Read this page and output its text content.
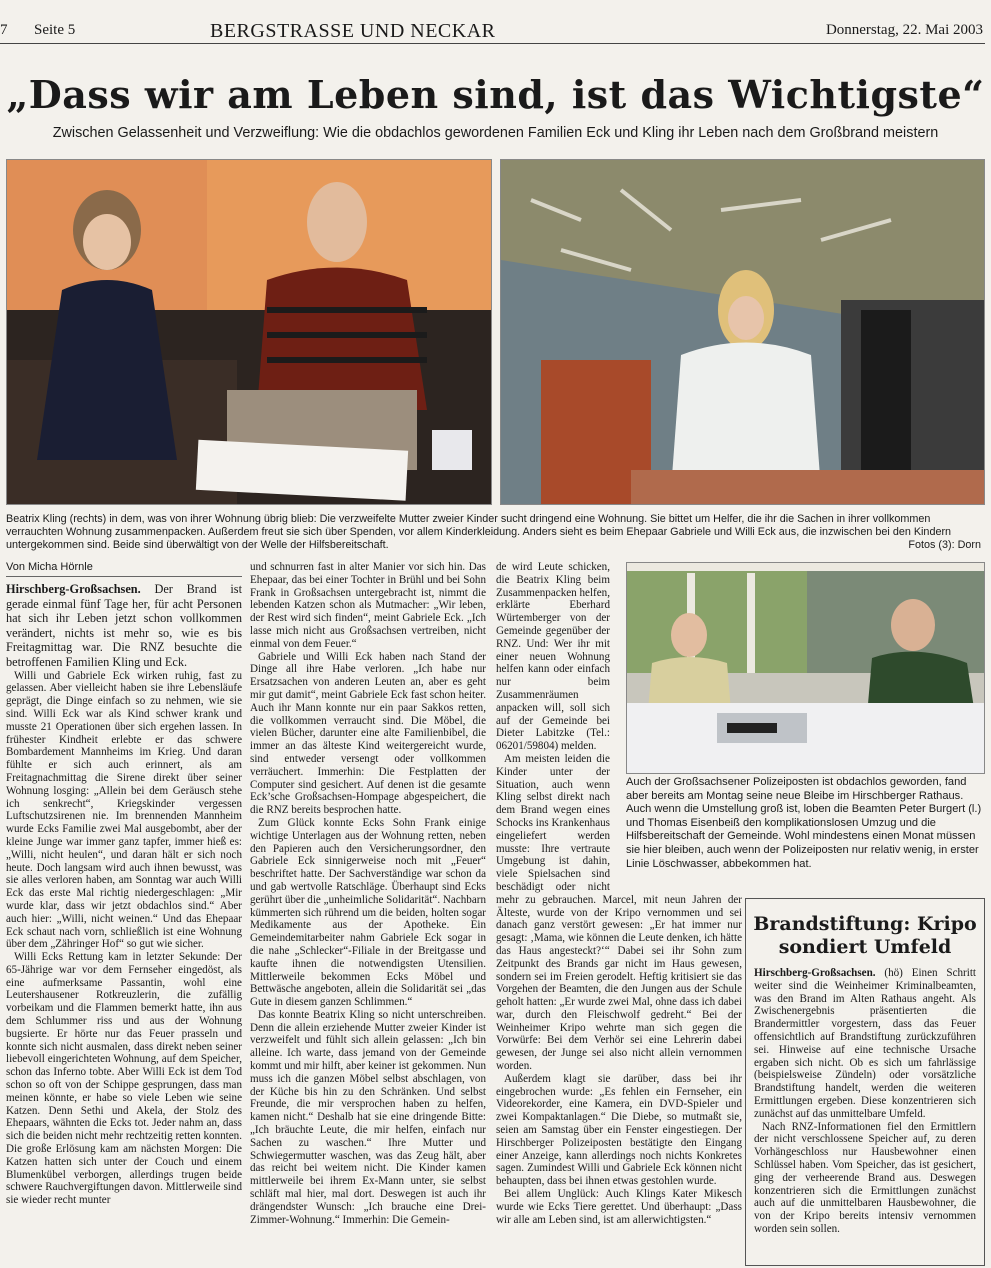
7 Seite 5	BERGSTRASSE UND NECKAR	Donnerstag, 22. Mai 2003
„Dass wir am Leben sind, ist das Wichtigste“
Zwischen Gelassenheit und Verzweiflung: Wie die obdachlos gewordenen Familien Eck und Kling ihr Leben nach dem Großbrand meistern
Beatrix Kling (rechts) in dem, was von ihrer Wohnung übrig blieb: Die verzweifelte Mutter zweier Kinder sucht dringend eine Wohnung. Sie bittet um Helfer, die ihr die Sachen in ihrer vollkommen verrauchten Wohnung zusammenpacken. Außerdem freut sie sich über Spenden, vor allem Kinderkleidung. Anders sieht es beim Ehepaar Gabriele und Willi Eck aus, die inzwischen bei den Kindern untergekommen sind. Beide sind überwältigt von der Welle der Hilfsbereitschaft.	Fotos (3): Dorn
Von Micha Hörnle

Hirschberg-Großsachsen. Der Brand ist gerade einmal fünf Tage her, für acht Personen hat sich ihr Leben jetzt schon vollkommen verändert, nichts ist mehr so, wie es bis Freitagmittag war. Die RNZ besuchte die betroffenen Familien Kling und Eck.

Willi und Gabriele Eck wirken ruhig, fast zu gelassen. Aber vielleicht haben sie ihre Lebensläufe geprägt, die Dinge einfach so zu nehmen, wie sie sind. Willi Eck war als Kind schwer krank und musste 21 Operationen über sich ergehen lassen. In frühester Kindheit erlebte er das schwere Bombardement Mannheims im Krieg. Und daran fühlte er sich auch erinnert, als am Freitagnachmittag die Sirene direkt über seiner Wohnung losging: „Allein bei dem Geräusch stehe ich senkrecht“, Kriegskinder vergessen Luftschutzsirenen nie. Im brennenden Mannheim wurde Ecks Familie zwei Mal ausgebombt, aber der kleine Junge war immer ganz tapfer, immer hieß es: „Willi, nicht heulen“, und daran hält er sich noch heute. Doch langsam wird auch ihnen bewusst, was sie alles verloren haben, am Sonntag war auch Willi Eck das erste Mal richtig niedergeschlagen: „Mir wurde klar, dass wir jetzt obdachlos sind.“ Aber auch hier: „Willi, nicht weinen.“ Und das Ehepaar Eck schaut nach vorn, schließlich ist eine Wohnung über dem „Zähringer Hof“ so gut wie sicher.

Willi Ecks Rettung kam in letzter Sekunde: Der 65-Jährige war vor dem Fernseher eingedöst, als eine aufmerksame Passantin, wohl eine Leutershausener Rotkreuzlerin, die zufällig vorbeikam und die Flammen bemerkt hatte, ihn aus dem Schlummer riss und aus der Wohnung bugsierte. Er hörte nur das Feuer prasseln und konnte sich nicht ausmalen, dass direkt neben seiner liebevoll eingerichteten Wohnung, auf dem Speicher, schon das Inferno tobte. Aber Willi Eck ist dem Tod schon so oft von der Schippe gesprungen, dass man meinen könnte, er habe so viele Leben wie seine Katzen. Denn Sethi und Akela, der Stolz des Ehepaars, wähnten die Ecks tot. Jeder nahm an, dass sich die beiden nicht mehr rechtzeitig retten konnten. Die große Erlösung kam am nächsten Morgen: Die Katzen hatten sich unter der Couch und einem Blumenkübel verborgen, allerdings trugen beide schwere Rauchvergiftungen davon. Mittlerweile sind sie wieder recht munter

und schnurren fast in alter Manier vor sich hin. Das Ehepaar, das bei einer Tochter in Brühl und bei Sohn Frank in Großsachsen untergebracht ist, nimmt die lebenden Katzen schon als Mutmacher: „Wir leben, der Rest wird sich finden“, meint Gabriele Eck. „Ich lasse mich nicht aus Großsachsen vertreiben, nicht einmal von dem Feuer.“

Gabriele und Willi Eck haben nach Stand der Dinge all ihre Habe verloren. „Ich habe nur Ersatzsachen von anderen Leuten an, aber es geht mir gut damit“, meint Gabriele Eck fast schon heiter. Auch ihr Mann konnte nur ein paar Sakkos retten, die vollkommen verraucht sind. Die Möbel, die vielen Bücher, darunter eine alte Familienbibel, die immer an das älteste Kind weitergereicht wurde, sind entweder versengt oder vollkommen verräuchert. Immerhin: Die Festplatten der Computer sind gesichert. Auf denen ist die gesamte Eck’sche Großsachsen-Hompage abgespeichert, die die RNZ bereits besprochen hatte.

Zum Glück konnte Ecks Sohn Frank einige wichtige Unterlagen aus der Wohnung retten, neben den Papieren auch den Versicherungsordner, den Gabriele Eck sinnigerweise noch mit „Feuer“ beschriftet hatte. Der Sachverständige war schon da und gab wertvolle Ratschläge. Überhaupt sind Ecks gerührt über die „unheimliche Solidarität“. Nachbarn kümmerten sich rührend um die beiden, holten sogar Medikamente aus der Apotheke. Ein Gemeindemitarbeiter nahm Gabriele Eck sogar in die nahe „Schlecker“-Filiale in der Breitgasse und kaufte ihnen die notwendigsten Utensilien. Mittlerweile bekommen Ecks Möbel und Bettwäsche angeboten, allein die Solidarität sei „das Gute in diesem ganzen Schlimmen.“

Das konnte Beatrix Kling so nicht unterschreiben. Denn die allein erziehende Mutter zweier Kinder ist verzweifelt und fühlt sich allein gelassen: „Ich bin alleine. Ich warte, dass jemand von der Gemeinde kommt und mir hilft, aber keiner ist gekommen. Nun muss ich die ganzen Möbel selbst abschlagen, von der Küche bis hin zu den Schränken. Und selbst Freunde, die mir versprochen haben zu helfen, kamen nicht.“ Deshalb hat sie eine dringende Bitte: „Ich bräuchte Leute, die mir helfen, einfach nur Sachen zu waschen.“ Ihre Mutter und Schwiegermutter waschen, was das Zeug hält, aber das reicht bei weitem nicht. Die Kinder kamen mittlerweile bei ihrem Ex-Mann unter, sie selbst schläft mal hier, mal dort. Deswegen ist auch ihr drängendster Wunsch: „Ich brauche eine Drei-Zimmer-Wohnung.“ Immerhin: Die Gemein-

de wird Leute schicken, die Beatrix Kling beim Zusammenpacken helfen, erklärte Eberhard Würtemberger von der Gemeinde gegenüber der RNZ. Und: Wer ihr mit einer neuen Wohnung helfen kann oder einfach nur beim Zusammenräumen anpacken will, soll sich auf der Gemeinde bei Dieter Labitzke (Tel.: 06201/59804) melden.

Am meisten leiden die Kinder unter der Situation, auch wenn Kling selbst direkt nach dem Brand wegen eines Schocks ins Krankenhaus eingeliefert werden musste: Ihre vertraute Umgebung ist dahin, viele Spielsachen sind beschädigt oder nicht mehr zu gebrauchen. Marcel, mit neun Jahren der Älteste, wurde von der Kripo vernommen und sei danach ganz verstört gewesen: „Er hat immer nur gesagt: ‚Mama, wie können die Leute denken, ich hätte das Haus angesteckt?‘“ Dabei sei ihr Sohn zum Zeitpunkt des Brands gar nicht im Haus gewesen, sondern sei im Freien gerodelt. Heftig kritisiert sie das Vorgehen der Beamten, die den Jungen aus der Schule geholt hatten: „Er wurde zwei Mal, ohne dass ich dabei war, durch den Fleischwolf gedreht.“ Bei der Weinheimer Kripo wehrte man sich gegen die Vorwürfe: Bei dem Verhör sei eine Lehrerin dabei gewesen, der Junge sei also nicht allein vernommen worden.

Außerdem klagt sie darüber, dass bei ihr eingebrochen wurde: „Es fehlen ein Fernseher, ein Videorekorder, eine Kamera, ein DVD-Spieler und zwei Kompaktanlagen.“ Die Diebe, so mutmaßt sie, seien am Samstag über ein Fenster eingestiegen. Der Hirschberger Polizeiposten bestätigte den Eingang einer Anzeige, kann allerdings noch nichts Konkretes sagen. Zumindest Willi und Gabriele Eck können nicht behaupten, dass bei ihnen etwas gestohlen wurde.

Bei allem Unglück: Auch Klings Kater Mikesch wurde wie Ecks Tiere gerettet. Und überhaupt: „Dass wir alle am Leben sind, ist am allerwichtigsten.“

Auch der Großsachsener Polizeiposten ist obdachlos geworden, fand aber bereits am Montag seine neue Bleibe im Hirschberger Rathaus. Auch wenn die Umstellung groß ist, loben die Beamten Peter Burgert (l.) und Thomas Eisenbeiß den komplikationslosen Umzug und die Hilfsbereitschaft der Gemeinde. Wohl mindestens einen Monat müssen sie hier bleiben, auch wenn der Polizeiposten nur relativ wenig, in erster Linie Löschwasser, abbekommen hat.
Brandstiftung: Kripo sondiert Umfeld

Hirschberg-Großsachsen. (hö) Einen Schritt weiter sind die Weinheimer Kriminalbeamten, was den Brand im Alten Rathaus angeht. Als Zwischenergebnis präsentierten die Brandermittler vorgestern, dass das Feuer offensichtlich auf Brandstiftung zurückzuführen sei. Hinweise auf eine technische Ursache ergaben sich nicht. Ob es sich um fahrlässige (beispielsweise Zündeln) oder vorsätzliche Brandstiftung handelt, werden die weiteren Ermittlungen ergeben. Diese konzentrieren sich zunächst auf das unmittelbare Umfeld.

Nach RNZ-Informationen fiel den Ermittlern der nicht verschlossene Speicher auf, zu deren Vorhängeschloss nur Hausbewohner einen Schlüssel haben. Vom Speicher, das ist gesichert, ging der verheerende Brand aus. Deswegen konzentrieren sich die Ermittlungen zunächst auch auf die unmittelbaren Hausbewohner, die von der Kripo bereits intensiv vernommen worden sein sollen.
